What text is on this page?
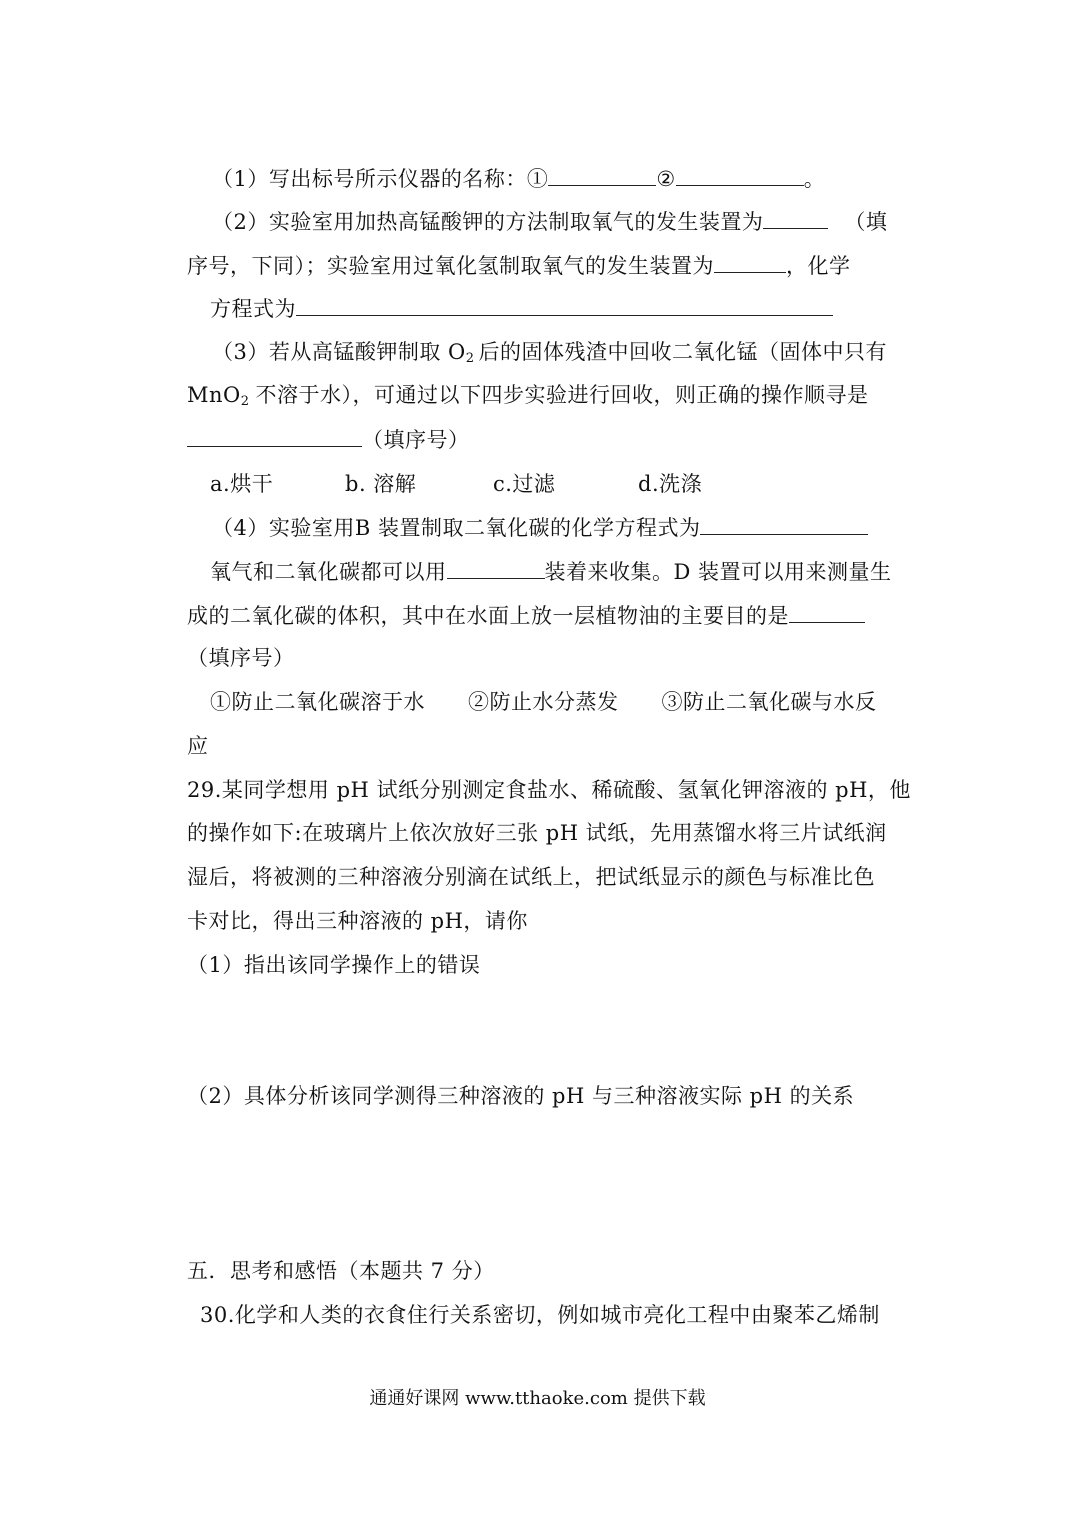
（1）写出标号所示仪器的名称：①	②	。
（2）实验室用加热高锰酸钾的方法制取氧气的发生装置为	（填
序号，下同）；实验室用过氧化氢制取氧气的发生装置为	，化学
方程式为
（3）若从高锰酸钾制取 $O_2$ 后的固体残渣中回收二氧化锰（固体中只有
MnO$_2$ 不溶于水），可通过以下四步实验进行回收，则正确的操作顺寻是
（填序号）
a.烘干	b. 溶解	c.过滤	d.洗涤
（4）实验室用B 装置制取二氧化碳的化学方程式为
氧气和二氧化碳都可以用	装着来收集。D 装置可以用来测量生
成的二氧化碳的体积，其中在水面上放一层植物油的主要目的是
（填序号）
①防止二氧化碳溶于水　　②防止水分蒸发　　③防止二氧化碳与水反
应
29.某同学想用 pH 试纸分别测定食盐水、稀硫酸、氢氧化钾溶液的 pH，他
的操作如下:在玻璃片上依次放好三张 pH 试纸，先用蒸馏水将三片试纸润
湿后，将被测的三种溶液分别滴在试纸上，把试纸显示的颜色与标准比色
卡对比，得出三种溶液的 pH，请你
（1）指出该同学操作上的错误
（2）具体分析该同学测得三种溶液的 pH 与三种溶液实际 pH 的关系
五．思考和感悟（本题共 7 分）
30.化学和人类的衣食住行关系密切，例如城市亮化工程中由聚苯乙烯制
通通好课网 www.tthaoke.com 提供下载
